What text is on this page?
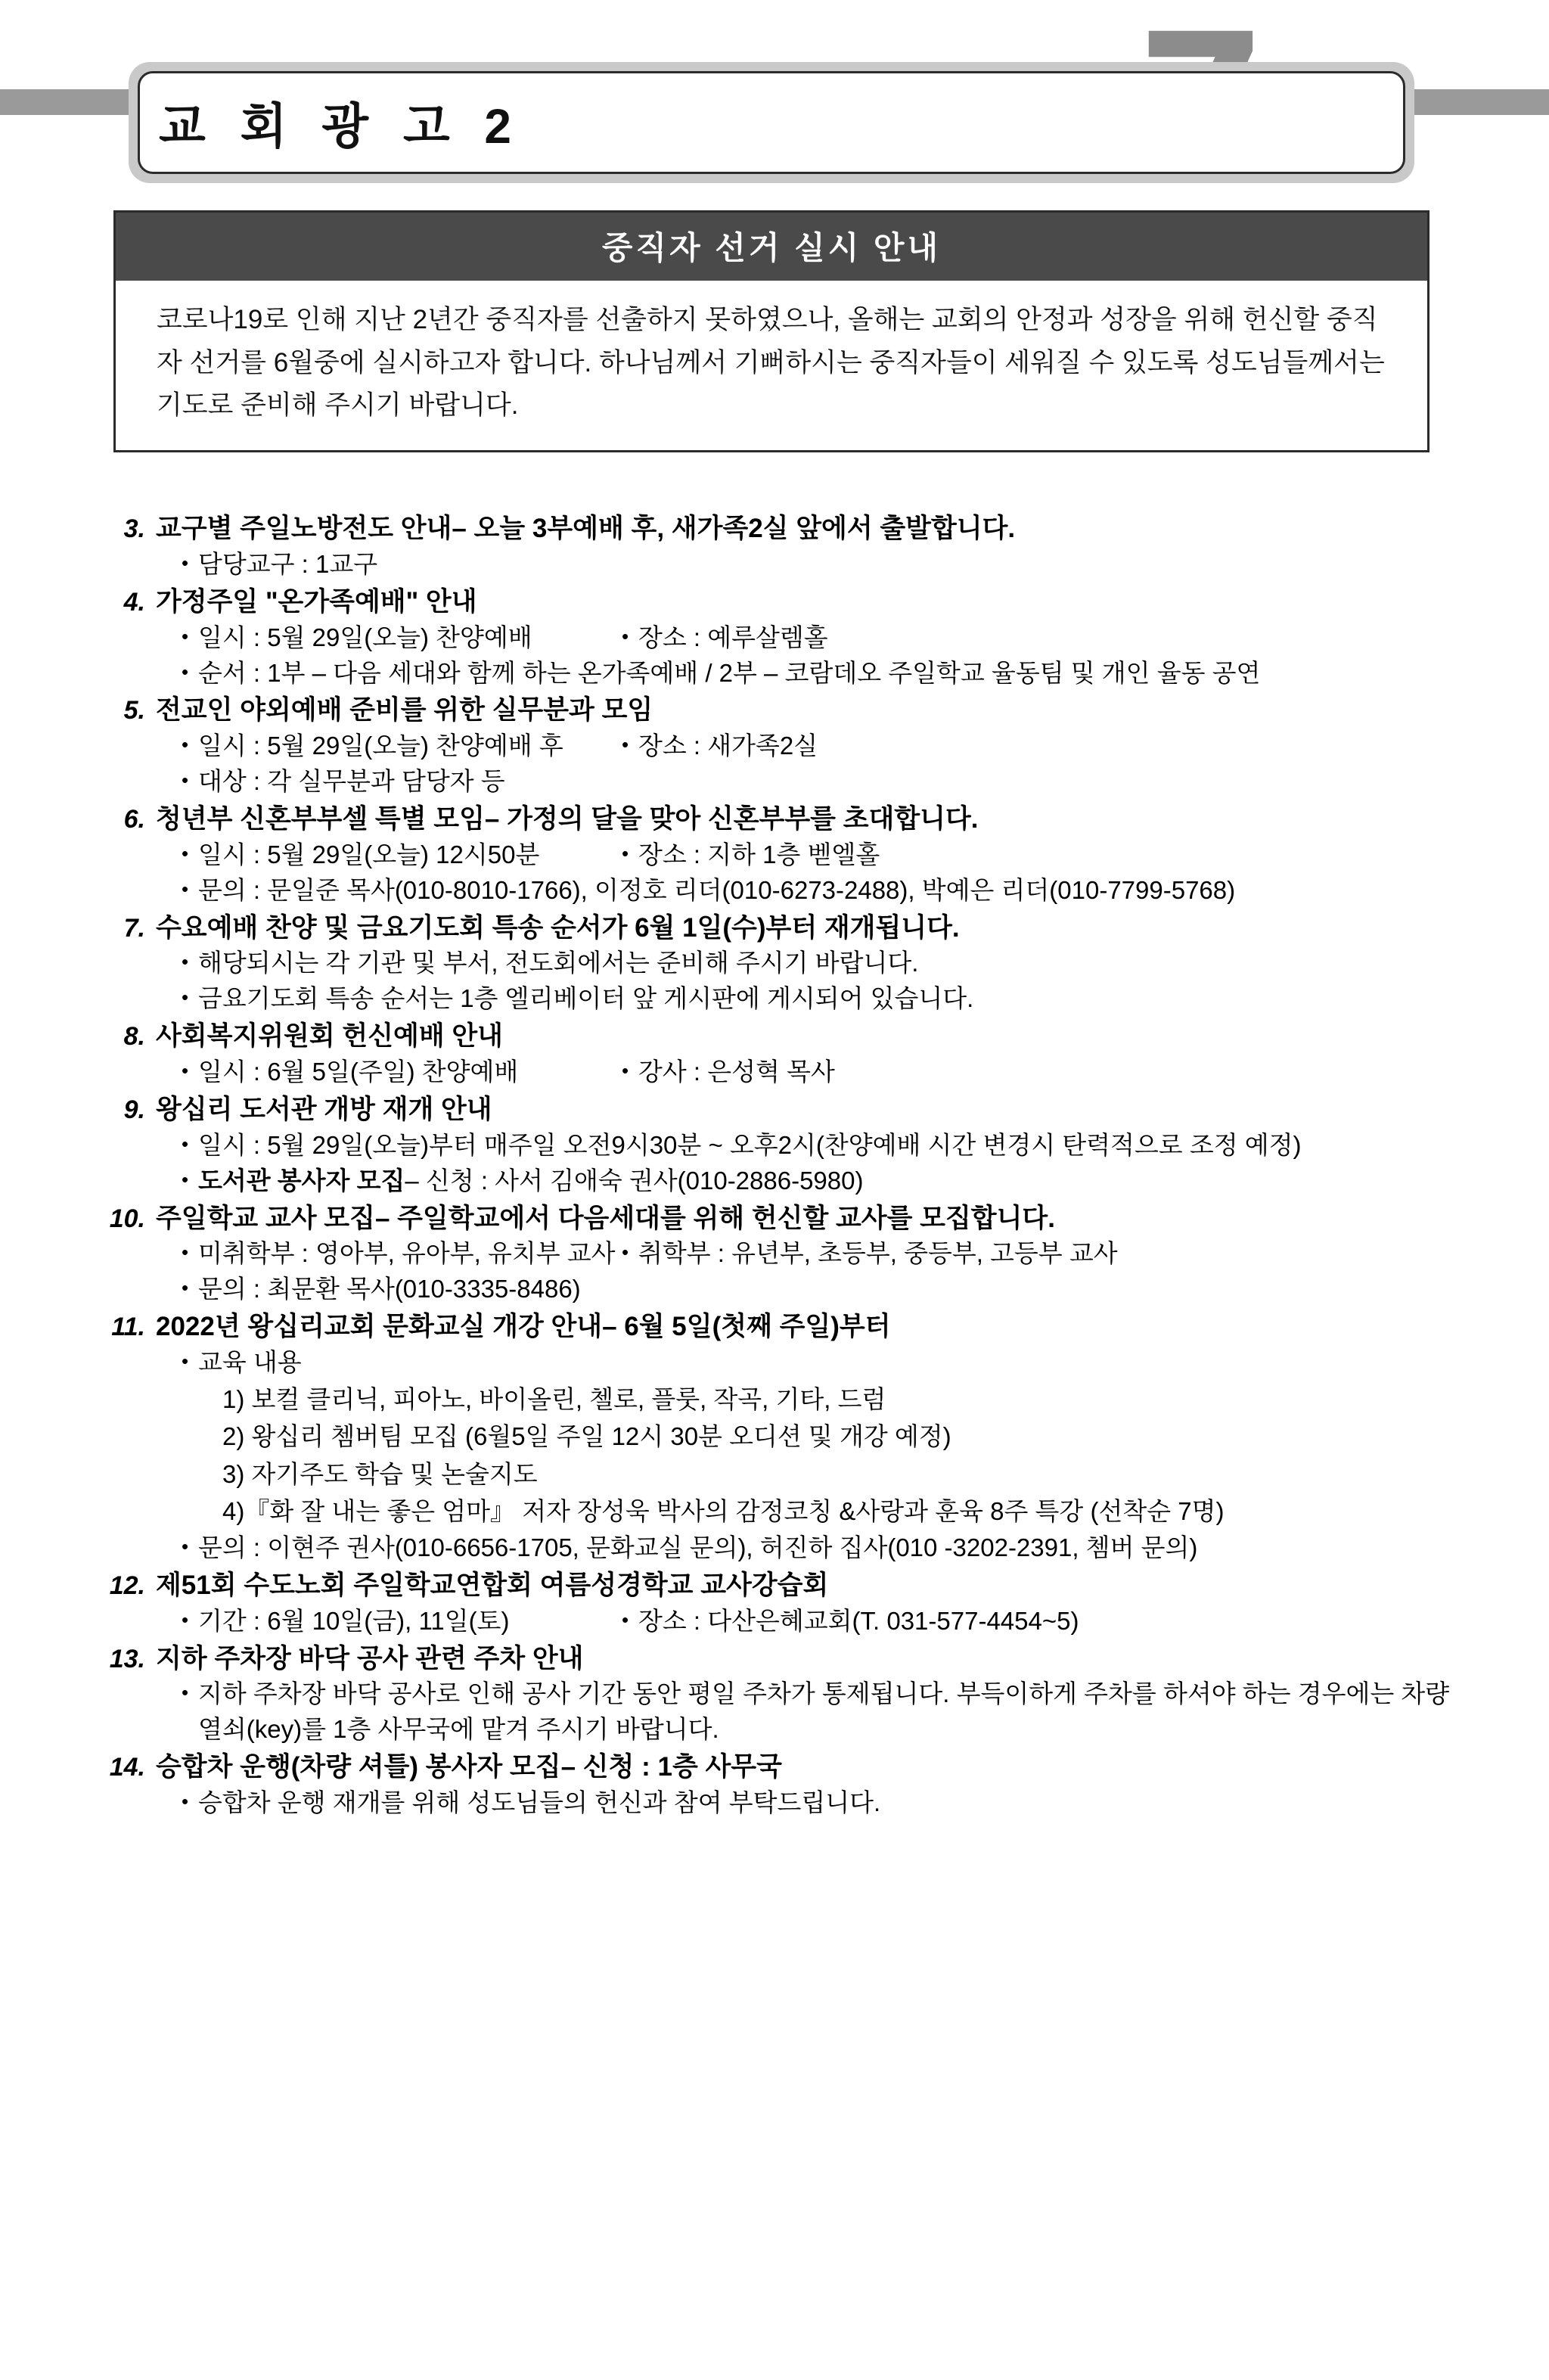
교 회 광 고 2
중직자 선거 실시 안내
코로나19로 인해 지난 2년간 중직자를 선출하지 못하였으나, 올해는 교회의 안정과 성장을 위해 헌신할 중직자 선거를 6월중에 실시하고자 합니다. 하나님께서 기뻐하시는 중직자들이 세워질 수 있도록 성도님들께서는 기도로 준비해 주시기 바랍니다.
3. 교구별 주일노방전도 안내 – 오늘 3부예배 후, 새가족2실 앞에서 출발합니다.
• 담당교구 : 1교구
4. 가정주일 "온가족예배" 안내
• 일시 : 5월 29일(오늘) 찬양예배	• 장소 : 예루살렘홀
• 순서 : 1부 – 다음 세대와 함께 하는 온가족예배 / 2부 – 코람데오 주일학교 율동팀 및 개인 율동 공연
5. 전교인 야외예배 준비를 위한 실무분과 모임
• 일시 : 5월 29일(오늘) 찬양예배 후	• 장소 : 새가족2실
• 대상 : 각 실무분과 담당자 등
6. 청년부 신혼부부셀 특별 모임 – 가정의 달을 맞아 신혼부부를 초대합니다.
• 일시 : 5월 29일(오늘) 12시50분	• 장소 : 지하 1층 벧엘홀
• 문의 : 문일준 목사(010-8010-1766), 이정호 리더(010-6273-2488), 박예은 리더(010-7799-5768)
7. 수요예배 찬양 및 금요기도회 특송 순서가 6월 1일(수)부터 재개됩니다.
• 해당되시는 각 기관 및 부서, 전도회에서는 준비해 주시기 바랍니다.
• 금요기도회 특송 순서는 1층 엘리베이터 앞 게시판에 게시되어 있습니다.
8. 사회복지위원회 헌신예배 안내
• 일시 : 6월 5일(주일) 찬양예배	• 강사 : 은성혁 목사
9. 왕십리 도서관 개방 재개 안내
• 일시 : 5월 29일(오늘)부터 매주일 오전9시30분 ~ 오후2시(찬양예배 시간 변경시 탄력적으로 조정 예정)
• 도서관 봉사자 모집 – 신청 : 사서 김애숙 권사(010-2886-5980)
10. 주일학교 교사 모집 – 주일학교에서 다음세대를 위해 헌신할 교사를 모집합니다.
• 미취학부 : 영아부, 유아부, 유치부 교사 • 취학부 : 유년부, 초등부, 중등부, 고등부 교사
• 문의 : 최문환 목사(010-3335-8486)
11. 2022년 왕십리교회 문화교실 개강 안내 – 6월 5일(첫째 주일)부터
• 교육 내용
1) 보컬 클리닉, 피아노, 바이올린, 첼로, 플룻, 작곡, 기타, 드럼
2) 왕십리 쳄버팀 모집 (6월5일 주일 12시 30분 오디션 및 개강 예정)
3) 자기주도 학습 및 논술지도
4)『화 잘 내는 좋은 엄마』 저자 장성욱 박사의 감정코칭 &사랑과 훈육 8주 특강 (선착순 7명)
• 문의 : 이현주 권사(010-6656-1705, 문화교실 문의), 허진하 집사(010 -3202-2391, 쳄버 문의)
12. 제51회 수도노회 주일학교연합회 여름성경학교 교사강습회
• 기간 : 6월 10일(금), 11일(토)	• 장소 : 다산은혜교회(T. 031-577-4454~5)
13. 지하 주차장 바닥 공사 관련 주차 안내
• 지하 주차장 바닥 공사로 인해 공사 기간 동안 평일 주차가 통제됩니다. 부득이하게 주차를 하셔야 하는 경우에는 차량 열쇠(key)를 1층 사무국에 맡겨 주시기 바랍니다.
14. 승합차 운행(차량 셔틀) 봉사자 모집 – 신청 : 1층 사무국
• 승합차 운행 재개를 위해 성도님들의 헌신과 참여 부탁드립니다.
